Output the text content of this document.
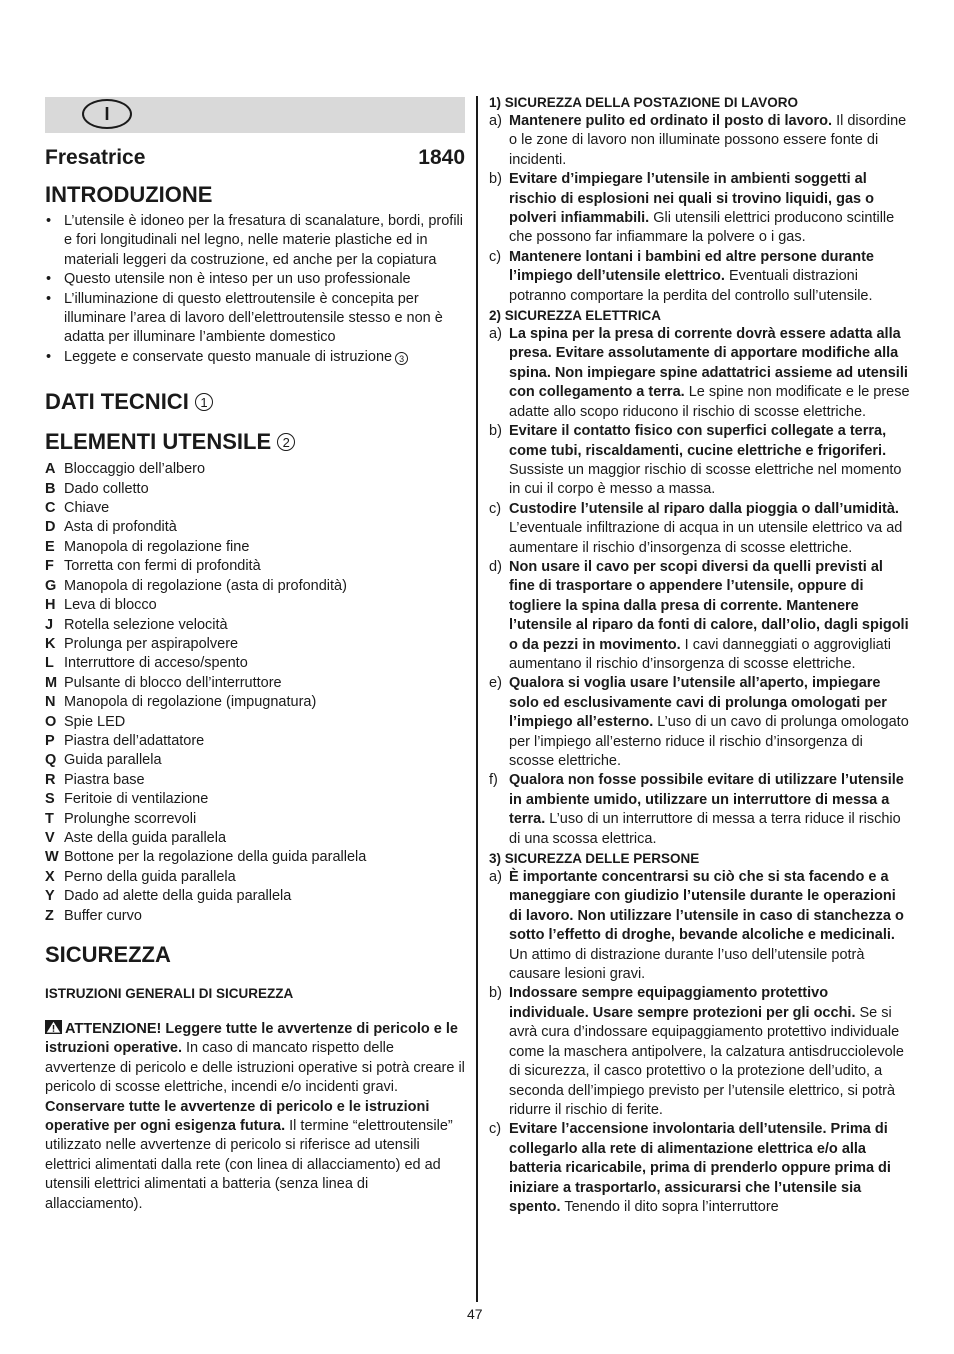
I
Fresatrice	1840
INTRODUZIONE
• L’utensile è idoneo per la fresatura di scanalature, bordi, profili e fori longitudinali nel legno, nelle materie plastiche ed in materiali leggeri da costruzione, ed anche per la copiatura
• Questo utensile non è inteso per un uso professionale
• L’illuminazione di questo elettroutensile è concepita per illuminare l’area di lavoro dell’elettroutensile stesso e non è adatta per illuminare l’ambiente domestico
• Leggete e conservate questo manuale di istruzione 3
DATI TECNICI 1
ELEMENTI UTENSILE 2
A Bloccaggio dell’albero
B Dado colletto
C Chiave
D Asta di profondità
E Manopola di regolazione fine
F Torretta con fermi di profondità
G Manopola di regolazione (asta di profondità)
H Leva di blocco
J Rotella selezione velocità
K Prolunga per aspirapolvere
L Interruttore di acceso/spento
M Pulsante di blocco dell’interruttore
N Manopola di regolazione (impugnatura)
O Spie LED
P Piastra dell’adattatore
Q Guida parallela
R Piastra base
S Feritoie di ventilazione
T Prolunghe scorrevoli
V Aste della guida parallela
W Bottone per la regolazione della guida parallela
X Perno della guida parallela
Y Dado ad alette della guida parallela
Z Buffer curvo
SICUREZZA
ISTRUZIONI GENERALI DI SICUREZZA
ATTENZIONE! Leggere tutte le avvertenze di pericolo e le istruzioni operative. In caso di mancato rispetto delle avvertenze di pericolo e delle istruzioni operative si potrà creare il pericolo di scosse elettriche, incendi e/o incidenti gravi. Conservare tutte le avvertenze di pericolo e le istruzioni operative per ogni esigenza futura. Il termine “elettroutensile” utilizzato nelle avvertenze di pericolo si riferisce ad utensili elettrici alimentati dalla rete (con linea di allacciamento) ed ad utensili elettrici alimentati a batteria (senza linea di allacciamento).
1) SICUREZZA DELLA POSTAZIONE DI LAVORO
a) Mantenere pulito ed ordinato il posto di lavoro. Il disordine o le zone di lavoro non illuminate possono essere fonte di incidenti.
b) Evitare d’impiegare l’utensile in ambienti soggetti al rischio di esplosioni nei quali si trovino liquidi, gas o polveri infiammabili. Gli utensili elettrici producono scintille che possono far infiammare la polvere o i gas.
c) Mantenere lontani i bambini ed altre persone durante l’impiego dell’utensile elettrico. Eventuali distrazioni potranno comportare la perdita del controllo sull’utensile.
2) SICUREZZA ELETTRICA
a) La spina per la presa di corrente dovrà essere adatta alla presa. Evitare assolutamente di apportare modifiche alla spina. Non impiegare spine adattatrici assieme ad utensili con collegamento a terra. Le spine non modificate e le prese adatte allo scopo riducono il rischio di scosse elettriche.
b) Evitare il contatto fisico con superfici collegate a terra, come tubi, riscaldamenti, cucine elettriche e frigoriferi. Sussiste un maggior rischio di scosse elettriche nel momento in cui il corpo è messo a massa.
c) Custodire l’utensile al riparo dalla pioggia o dall’umidità. L’eventuale infiltrazione di acqua in un utensile elettrico va ad aumentare il rischio d’insorgenza di scosse elettriche.
d) Non usare il cavo per scopi diversi da quelli previsti al fine di trasportare o appendere l’utensile, oppure di togliere la spina dalla presa di corrente. Mantenere l’utensile al riparo da fonti di calore, dall’olio, dagli spigoli o da pezzi in movimento. I cavi danneggiati o aggrovigliati aumentano il rischio d’insorgenza di scosse elettriche.
e) Qualora si voglia usare l’utensile all’aperto, impiegare solo ed esclusivamente cavi di prolunga omologati per l’impiego all’esterno. L’uso di un cavo di prolunga omologato per l’impiego all’esterno riduce il rischio d’insorgenza di scosse elettriche.
f) Qualora non fosse possibile evitare di utilizzare l’utensile in ambiente umido, utilizzare un interruttore di messa a terra. L’uso di un interruttore di messa a terra riduce il rischio di una scossa elettrica.
3) SICUREZZA DELLE PERSONE
a) È importante concentrarsi su ciò che si sta facendo e a maneggiare con giudizio l’utensile durante le operazioni di lavoro. Non utilizzare l’utensile in caso di stanchezza o sotto l’effetto di droghe, bevande alcoliche e medicinali. Un attimo di distrazione durante l’uso dell’utensile potrà causare lesioni gravi.
b) Indossare sempre equipaggiamento protettivo individuale. Usare sempre protezioni per gli occhi. Se si avrà cura d’indossare equipaggiamento protettivo individuale come la maschera antipolvere, la calzatura antisdrucciolevole di sicurezza, il casco protettivo o la protezione dell’udito, a seconda dell’impiego previsto per l’utensile elettrico, si potrà ridurre il rischio di ferite.
c) Evitare l’accensione involontaria dell’utensile. Prima di collegarlo alla rete di alimentazione elettrica e/o alla batteria ricaricabile, prima di prenderlo oppure prima di iniziare a trasportarlo, assicurarsi che l’utensile sia spento. Tenendo il dito sopra l’interruttore
47
